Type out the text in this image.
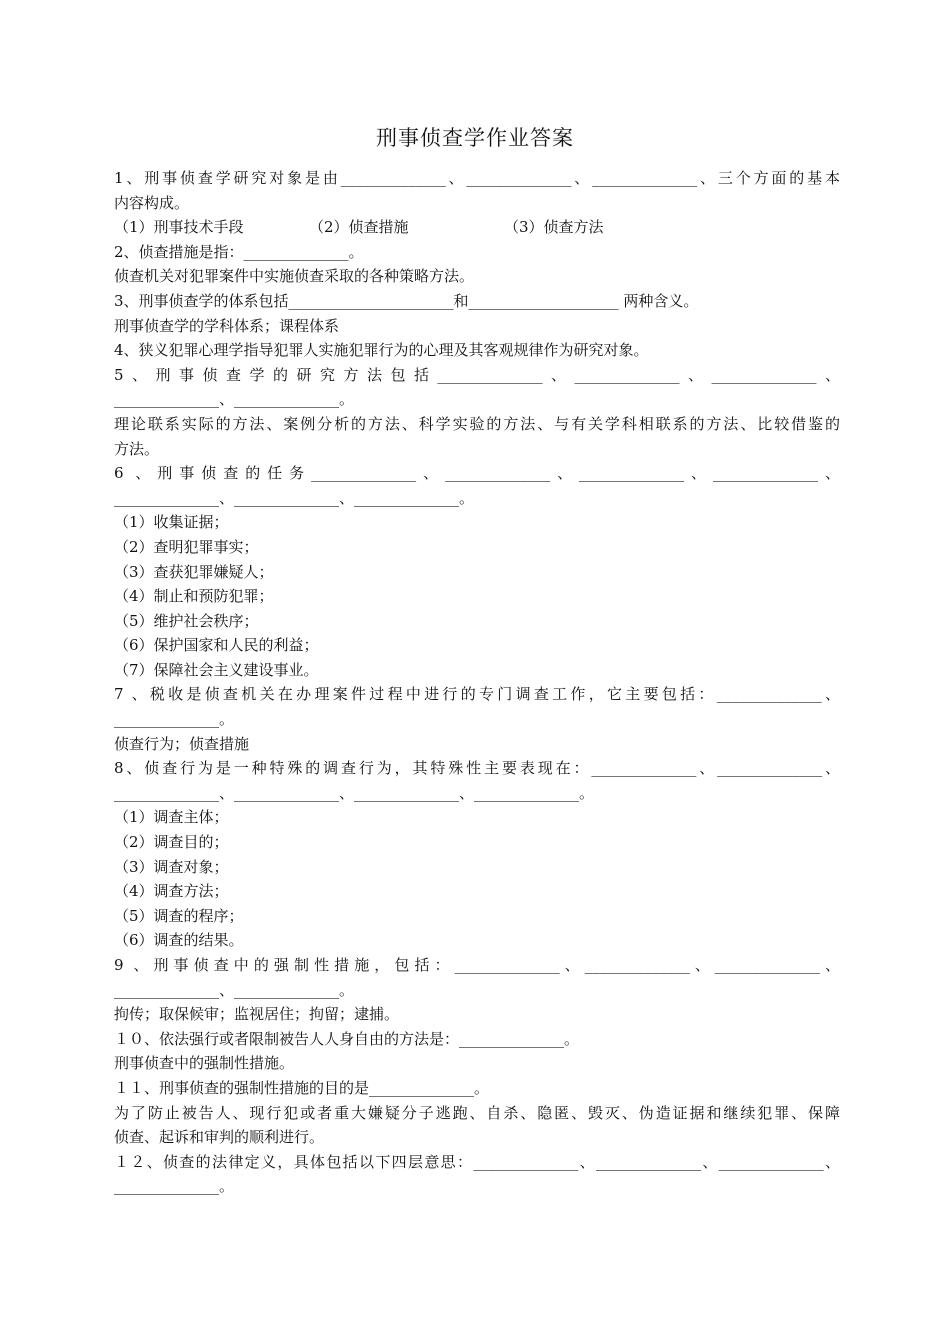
刑事侦查学作业答案

1、刑事侦查学研究对象是由______________、______________、______________、三个方面的基本

内容构成。

（1）刑事技术手段	（2）侦查措施	（3）侦查方法

2、侦查措施是指：______________。

侦查机关对犯罪案件中实施侦查采取的各种策略方法。

3、刑事侦查学的体系包括______________________和____________________ 两种含义。

刑事侦查学的学科体系；课程体系

4、狭义犯罪心理学指导犯罪人实施犯罪行为的心理及其客观规律作为研究对象。

5、刑事侦查学的研究方法包括______________、______________、______________、

______________、______________。

理论联系实际的方法、案例分析的方法、科学实验的方法、与有关学科相联系的方法、比较借鉴的

方法。

6 、刑事侦查的任务______________、______________、______________、______________、

______________、______________、______________。

（1）收集证据；

（2）查明犯罪事实；

（3）查获犯罪嫌疑人；

（4）制止和预防犯罪；

（5）维护社会秩序；

（6）保护国家和人民的利益；

（7）保障社会主义建设事业。

7 、税收是侦查机关在办理案件过程中进行的专门调查工作，它主要包括：______________、

______________。

侦查行为；侦查措施

8、侦查行为是一种特殊的调查行为，其特殊性主要表现在：______________、______________、

______________、______________、______________、______________。

（1）调查主体；

（2）调查目的；

（3）调查对象；

（4）调查方法；

（5）调查的程序；

（6）调查的结果。

9 、刑事侦查中的强制性措施，包括：______________、______________、______________、

______________、______________。

拘传；取保候审；监视居住；拘留；逮捕。

１０、依法强行或者限制被告人人身自由的方法是：______________。

刑事侦查中的强制性措施。

１１、刑事侦查的强制性措施的目的是______________。

为了防止被告人、现行犯或者重大嫌疑分子逃跑、自杀、隐匿、毁灭、伪造证据和继续犯罪、保障

侦查、起诉和审判的顺利进行。

１２、侦查的法律定义，具体包括以下四层意思：______________、______________、______________、

______________。
